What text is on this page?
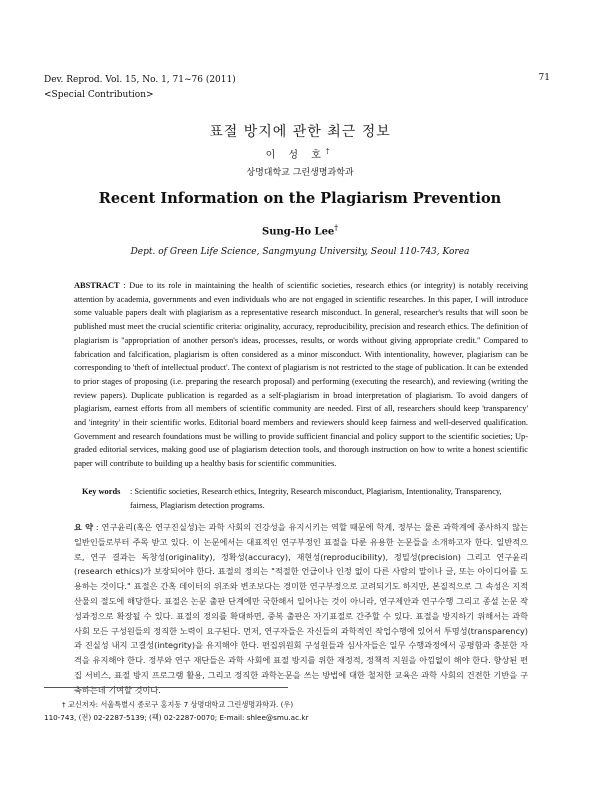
Dev. Reprod. Vol. 15, No. 1, 71~76 (2011)
<Special Contribution>
71
표절 방지에 관한 최근 정보
이 성 호†
상명대학교 그린생명과학과
Recent Information on the Plagiarism Prevention
Sung-Ho Lee†
Dept. of Green Life Science, Sangmyung University, Seoul 110-743, Korea
ABSTRACT : Due to its role in maintaining the health of scientific societies, research ethics (or integrity) is notably receiving attention by academia, governments and even individuals who are not engaged in scientific researches. In this paper, I will introduce some valuable papers dealt with plagiarism as a representative research misconduct. In general, researcher's results that will soon be published must meet the crucial scientific criteria: originality, accuracy, reproducibility, precision and research ethics. The definition of plagiarism is "appropriation of another person's ideas, processes, results, or words without giving appropriate credit." Compared to fabrication and falcification, plagiarism is often considered as a minor misconduct. With intentionality, however, plagiarism can be corresponding to 'theft of intellectual product'. The context of plagiarism is not restricted to the stage of publication. It can be extended to prior stages of proposing (i.e. preparing the research proposal) and performing (executing the research), and reviewing (writing the review papers). Duplicate publication is regarded as a self-plagiarism in broad interpretation of plagiarism. To avoid dangers of plagiarism, earnest efforts from all members of scientific community are needed. First of all, researchers should keep 'transparency' and 'integrity' in their scientific works. Editorial board members and reviewers should keep fairness and well-deserved qualification. Government and research foundations must be willing to provide sufficient financial and policy support to the scientific societies; Up-graded editorial services, making good use of plagiarism detection tools, and thorough instruction on how to write a honest scientific paper will contribute to building up a healthy basis for scientific communities.
Key words	: Scientific societies, Research ethics, Integrity, Research misconduct, Plagiarism, Intentionality, Transparency, fairness, Plagiarism detection programs.
요 약 : 연구윤리(혹은 연구진실성)는 과학 사회의 건강성을 유지시키는 역할 때문에 학계, 정부는 물론 과학계에 종사하지 않는 일반인들로부터 주목 받고 있다. 이 논문에서는 대표적인 연구부정인 표절을 다룬 유용한 논문들을 소개하고자 한다. 일반적으로, 연구 결과는 독창성(originality), 정확성(accuracy), 재현성(reproducibility), 정밀성(precision) 그리고 연구윤리(research ethics)가 보장되어야 한다. 표절의 정의는 "적절한 언급이나 인정 없이 다른 사람의 말이나 글, 또는 아이디어를 도용하는 것이다." 표절은 간혹 데이터의 위조와 변조보다는 경미한 연구부정으로 고려되기도 하지만, 본질적으로 그 속성은 지적 산물의 절도에 해당한다. 표절은 논문 출판 단계에만 국한해서 일어나는 것이 아니라, 연구제안과 연구수행 그리고 종설 논문 작성과정으로 확장될 수 있다. 표절의 정의를 확대하면, 중복 출판은 자기표절로 간주할 수 있다. 표절을 방지하기 위해서는 과학 사회 모든 구성원들의 정직한 노력이 요구된다. 먼저, 연구자들은 자신들의 과학적인 작업수행에 있어서 투명성(transparency)과 진실성 내지 고결성(integrity)을 유지해야 한다. 편집위원회 구성원들과 심사자들은 일무 수행과정에서 공평함과 충분한 자격을 유지해야 한다. 정부와 연구 재단들은 과학 사회에 표절 방지를 위한 재정적, 정책적 지원을 아낌없이 해야 한다. 향상된 편집 서비스, 표절 방지 프로그램 활용, 그리고 정직한 과학논문을 쓰는 방법에 대한 철저한 교육은 과학 사회의 건전한 기반을 구축하는데 기여할 것이다.
† 교신저자: 서울특별시 종로구 홍지동 7 상명대학교 그린생명과학과. (우)
110-743, (전) 02-2287-5139; (팩) 02-2287-0070; E-mail: shlee@smu.ac.kr
